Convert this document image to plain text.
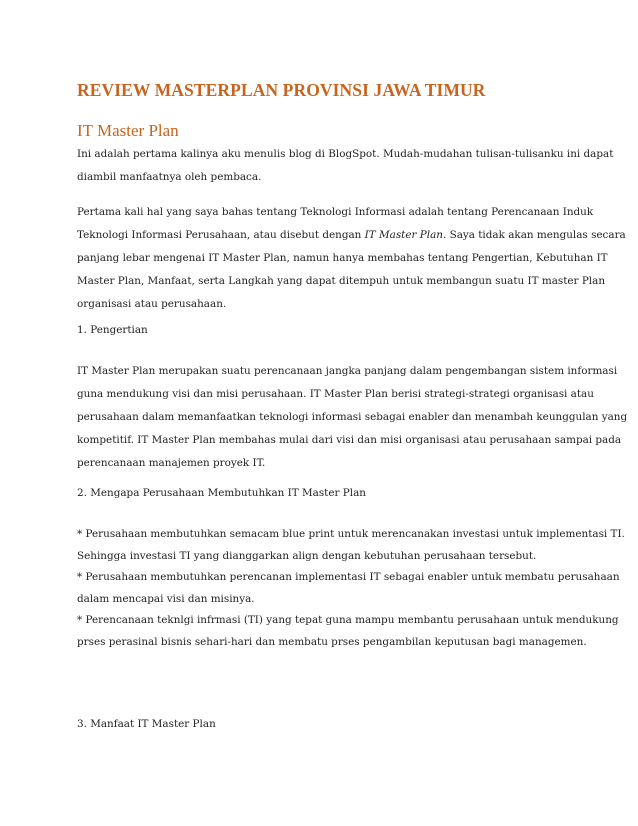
REVIEW MASTERPLAN PROVINSI JAWA TIMUR
IT Master Plan

Ini adalah pertama kalinya aku menulis blog di BlogSpot. Mudah-mudahan tulisan-tulisanku ini dapat

diambil manfaatnya oleh pembaca.

Pertama kali hal yang saya bahas tentang Teknologi Informasi adalah tentang Perencanaan Induk

Teknologi Informasi Perusahaan, atau disebut dengan IT Master Plan. Saya tidak akan mengulas secara

panjang lebar mengenai IT Master Plan, namun hanya membahas tentang Pengertian, Kebutuhan IT

Master Plan, Manfaat, serta Langkah yang dapat ditempuh untuk membangun suatu IT master Plan

organisasi atau perusahaan.

1. Pengertian

IT Master Plan merupakan suatu perencanaan jangka panjang dalam pengembangan sistem informasi

guna mendukung visi dan misi perusahaan. IT Master Plan berisi strategi-strategi organisasi atau

perusahaan dalam memanfaatkan teknologi informasi sebagai enabler dan menambah keunggulan yang

kompetitif. IT Master Plan membahas mulai dari visi dan misi organisasi atau perusahaan sampai pada

perencanaan manajemen proyek IT.

2. Mengapa Perusahaan Membutuhkan IT Master Plan

* Perusahaan membutuhkan semacam blue print untuk merencanakan investasi untuk implementasi TI.

Sehingga investasi TI yang dianggarkan align dengan kebutuhan perusahaan tersebut.

* Perusahaan membutuhkan perencanan implementasi IT sebagai enabler untuk membatu perusahaan

dalam mencapai visi dan misinya.

* Perencanaan teknlgi infrmasi (TI) yang tepat guna mampu membantu perusahaan untuk mendukung

prses perasinal bisnis sehari-hari dan membatu prses pengambilan keputusan bagi managemen.

3. Manfaat IT Master Plan
